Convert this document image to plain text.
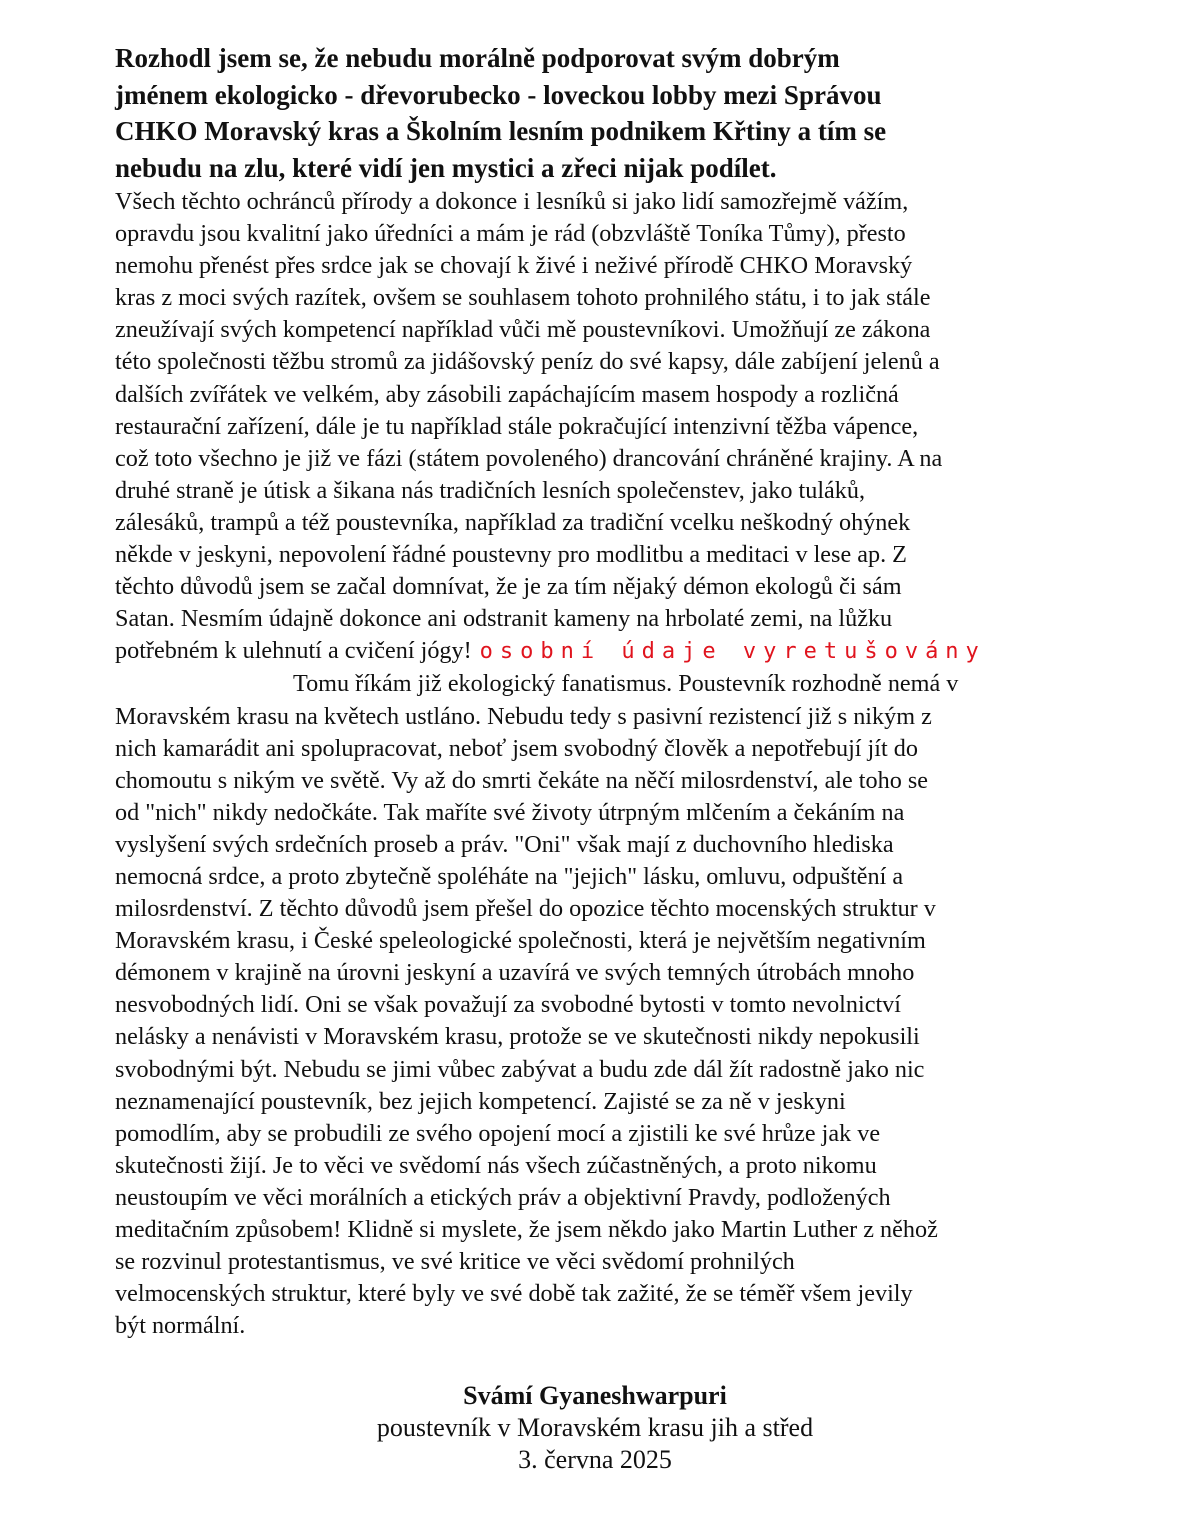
Rozhodl jsem se, že nebudu morálně podporovat svým dobrým
jménem ekologicko - dřevorubecko - loveckou lobby mezi Správou
CHKO Moravský kras a Školním lesním podnikem Křtiny a tím se
nebudu na zlu, které vidí jen mystici a zřeci nijak podílet.
Všech těchto ochránců přírody a dokonce i lesníků si jako lidí samozřejmě vážím,
opravdu jsou kvalitní jako úředníci a mám je rád (obzvláště Toníka Tůmy), přesto
nemohu přenést přes srdce jak se chovají k živé i neživé přírodě CHKO Moravský
kras z moci svých razítek, ovšem se souhlasem tohoto prohnilého státu, i to jak stále
zneužívají svých kompetencí například vůči mě poustevníkovi. Umožňují ze zákona
této společnosti těžbu stromů za jidášovský peníz do své kapsy, dále zabíjení jelenů a
dalších zvířátek ve velkém, aby zásobili zapáchajícím masem hospody a rozličná
restaurační zařízení, dále je tu například stále pokračující intenzivní těžba vápence,
což toto všechno je již ve fázi (státem povoleného) drancování chráněné krajiny. A na
druhé straně je útisk a šikana nás tradičních lesních společenstev, jako tuláků,
zálesáků, trampů a též poustevníka, například za tradiční vcelku neškodný ohýnek
někde v jeskyni, nepovolení řádné poustevny pro modlitbu a meditaci v lese ap. Z
těchto důvodů jsem se začal domnívat, že je za tím nějaký démon ekologů či sám
Satan. Nesmím údajně dokonce ani odstranit kameny na hrbolaté zemi, na lůžku
potřebném k ulehnutí a cvičení jógy! osobní údaje vyretušovány
Tomu říkám již ekologický fanatismus. Poustevník rozhodně nemá v
Moravském krasu na květech ustláno. Nebudu tedy s pasivní rezistencí již s nikým z
nich kamarádit ani spolupracovat, neboť jsem svobodný člověk a nepotřebují jít do
chomoutu s nikým ve světě. Vy až do smrti čekáte na něčí milosrdenství, ale toho se
od "nich" nikdy nedočkáte. Tak maříte své životy útrpným mlčením a čekáním na
vyslyšení svých srdečních proseb a práv. "Oni" však mají z duchovního hlediska
nemocná srdce, a proto zbytečně spoléháte na "jejich" lásku, omluvu, odpuštění a
milosrdenství. Z těchto důvodů jsem přešel do opozice těchto mocenských struktur v
Moravském krasu, i České speleologické společnosti, která je největším negativním
démonem v krajině na úrovni jeskyní a uzavírá ve svých temných útrobách mnoho
nesvobodných lidí. Oni se však považují za svobodné bytosti v tomto nevolnictví
nelásky a nenávisti v Moravském krasu, protože se ve skutečnosti nikdy nepokusili
svobodnými být. Nebudu se jimi vůbec zabývat a budu zde dál žít radostně jako nic
neznamenající poustevník, bez jejich kompetencí. Zajisté se za ně v jeskyni
pomodlím, aby se probudili ze svého opojení mocí a zjistili ke své hrůze jak ve
skutečnosti žijí. Je to věci ve svědomí nás všech zúčastněných, a proto nikomu
neustoupím ve věci morálních a etických práv a objektivní Pravdy, podložených
meditačním způsobem! Klidně si myslete, že jsem někdo jako Martin Luther z něhož
se rozvinul protestantismus, ve své kritice ve věci svědomí prohnilých
velmocenských struktur, které byly ve své době tak zažité, že se téměř všem jevily
být normální.
Svámí Gyaneshwarpuri
poustevník v Moravském krasu jih a střed
3. června 2025
